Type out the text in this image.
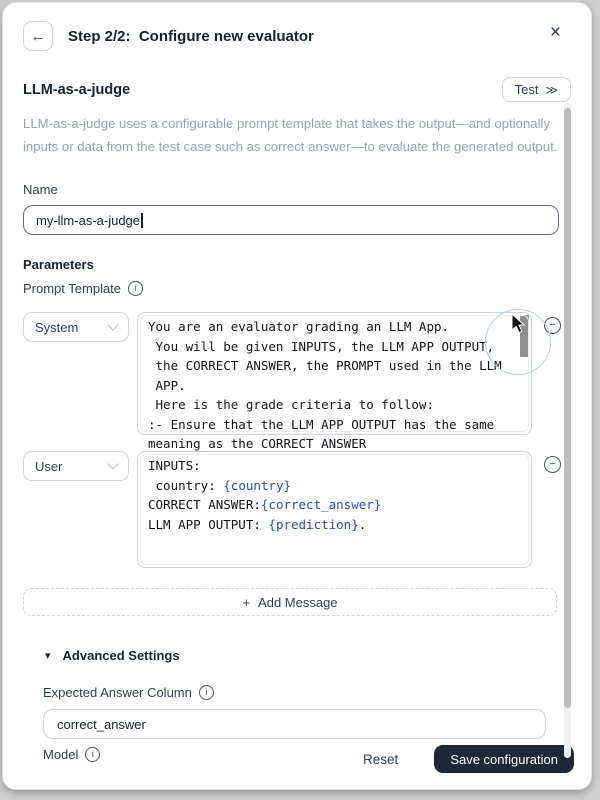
← Step 2/2:  Configure new evaluator	×
LLM-as-a-judge	Test ≫
LLM-as-a-judge uses a configurable prompt template that takes the output—and optionally inputs or data from the test case such as correct answer—to evaluate the generated output.
Name
my-llm-as-a-judge
Parameters
Prompt Template	i
System	You are an evaluator grading an LLM App.
You will be given INPUTS, the LLM APP OUTPUT,
the CORRECT ANSWER, the PROMPT used in the LLM
APP.
Here is the grade criteria to follow:
:- Ensure that the LLM APP OUTPUT has the same
meaning as the CORRECT ANSWER
−
User	INPUTS:
country: {country}
CORRECT ANSWER:{correct_answer}
LLM APP OUTPUT: {prediction}.
−
+ Add Message
▾ Advanced Settings
Expected Answer Column	i
correct_answer
Model	i	Reset	Save configuration
